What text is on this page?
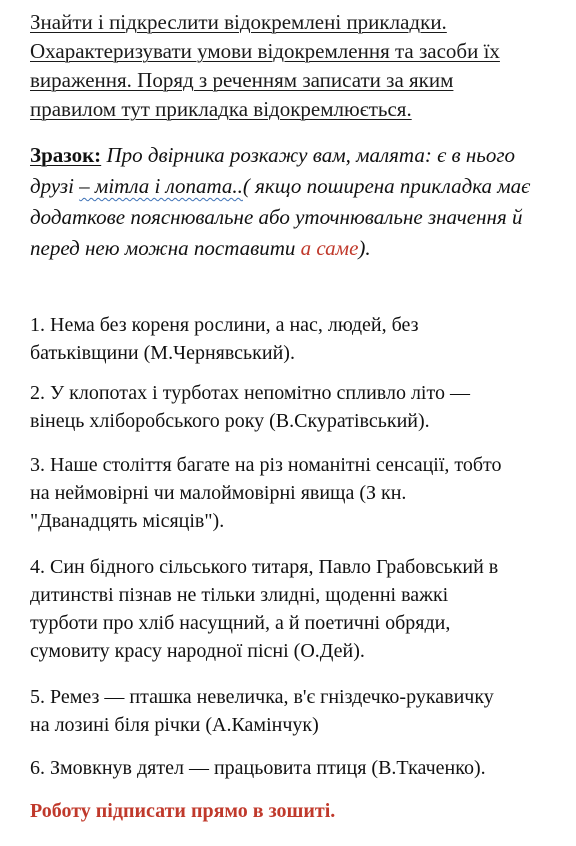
Знайти і підкреслити відокремлені прикладки.
Охарактеризувати умови відокремлення та засоби їх
вираження. Поряд з реченням записати за яким
правилом тут прикладка відокремлюється.
Зразок: Про двірника розкажу вам, малята: є в нього
друзі – мітла і лопата..( якщо поширена прикладка має
додаткове пояснювальне або уточнювальне значення й
перед нею можна поставити а саме).
1. Нема без кореня рослини, а нас, людей, без
батьківщини (М.Чернявський).
2. У клопотах і турботах непомітно спливло літо —
вінець хліборобського року (В.Скуратівський).
3. Наше століття багате на різ номанітні сенсації, тобто
на неймовірні чи малоймовірні явища (З кн.
"Дванадцять місяців").
4. Син бідного сільського титаря, Павло Грабовський в
дитинстві пізнав не тільки злидні, щоденні важкі
турботи про хліб насущний, а й поетичні обряди,
сумовиту красу народної пісні (О.Дей).
5. Ремез — пташка невеличка, в'є гніздечко-рукавичку
на лозині біля річки (А.Камінчук)
6. Змовкнув дятел — працьовита птиця (В.Ткаченко).
Роботу підписати прямо в зошиті.
